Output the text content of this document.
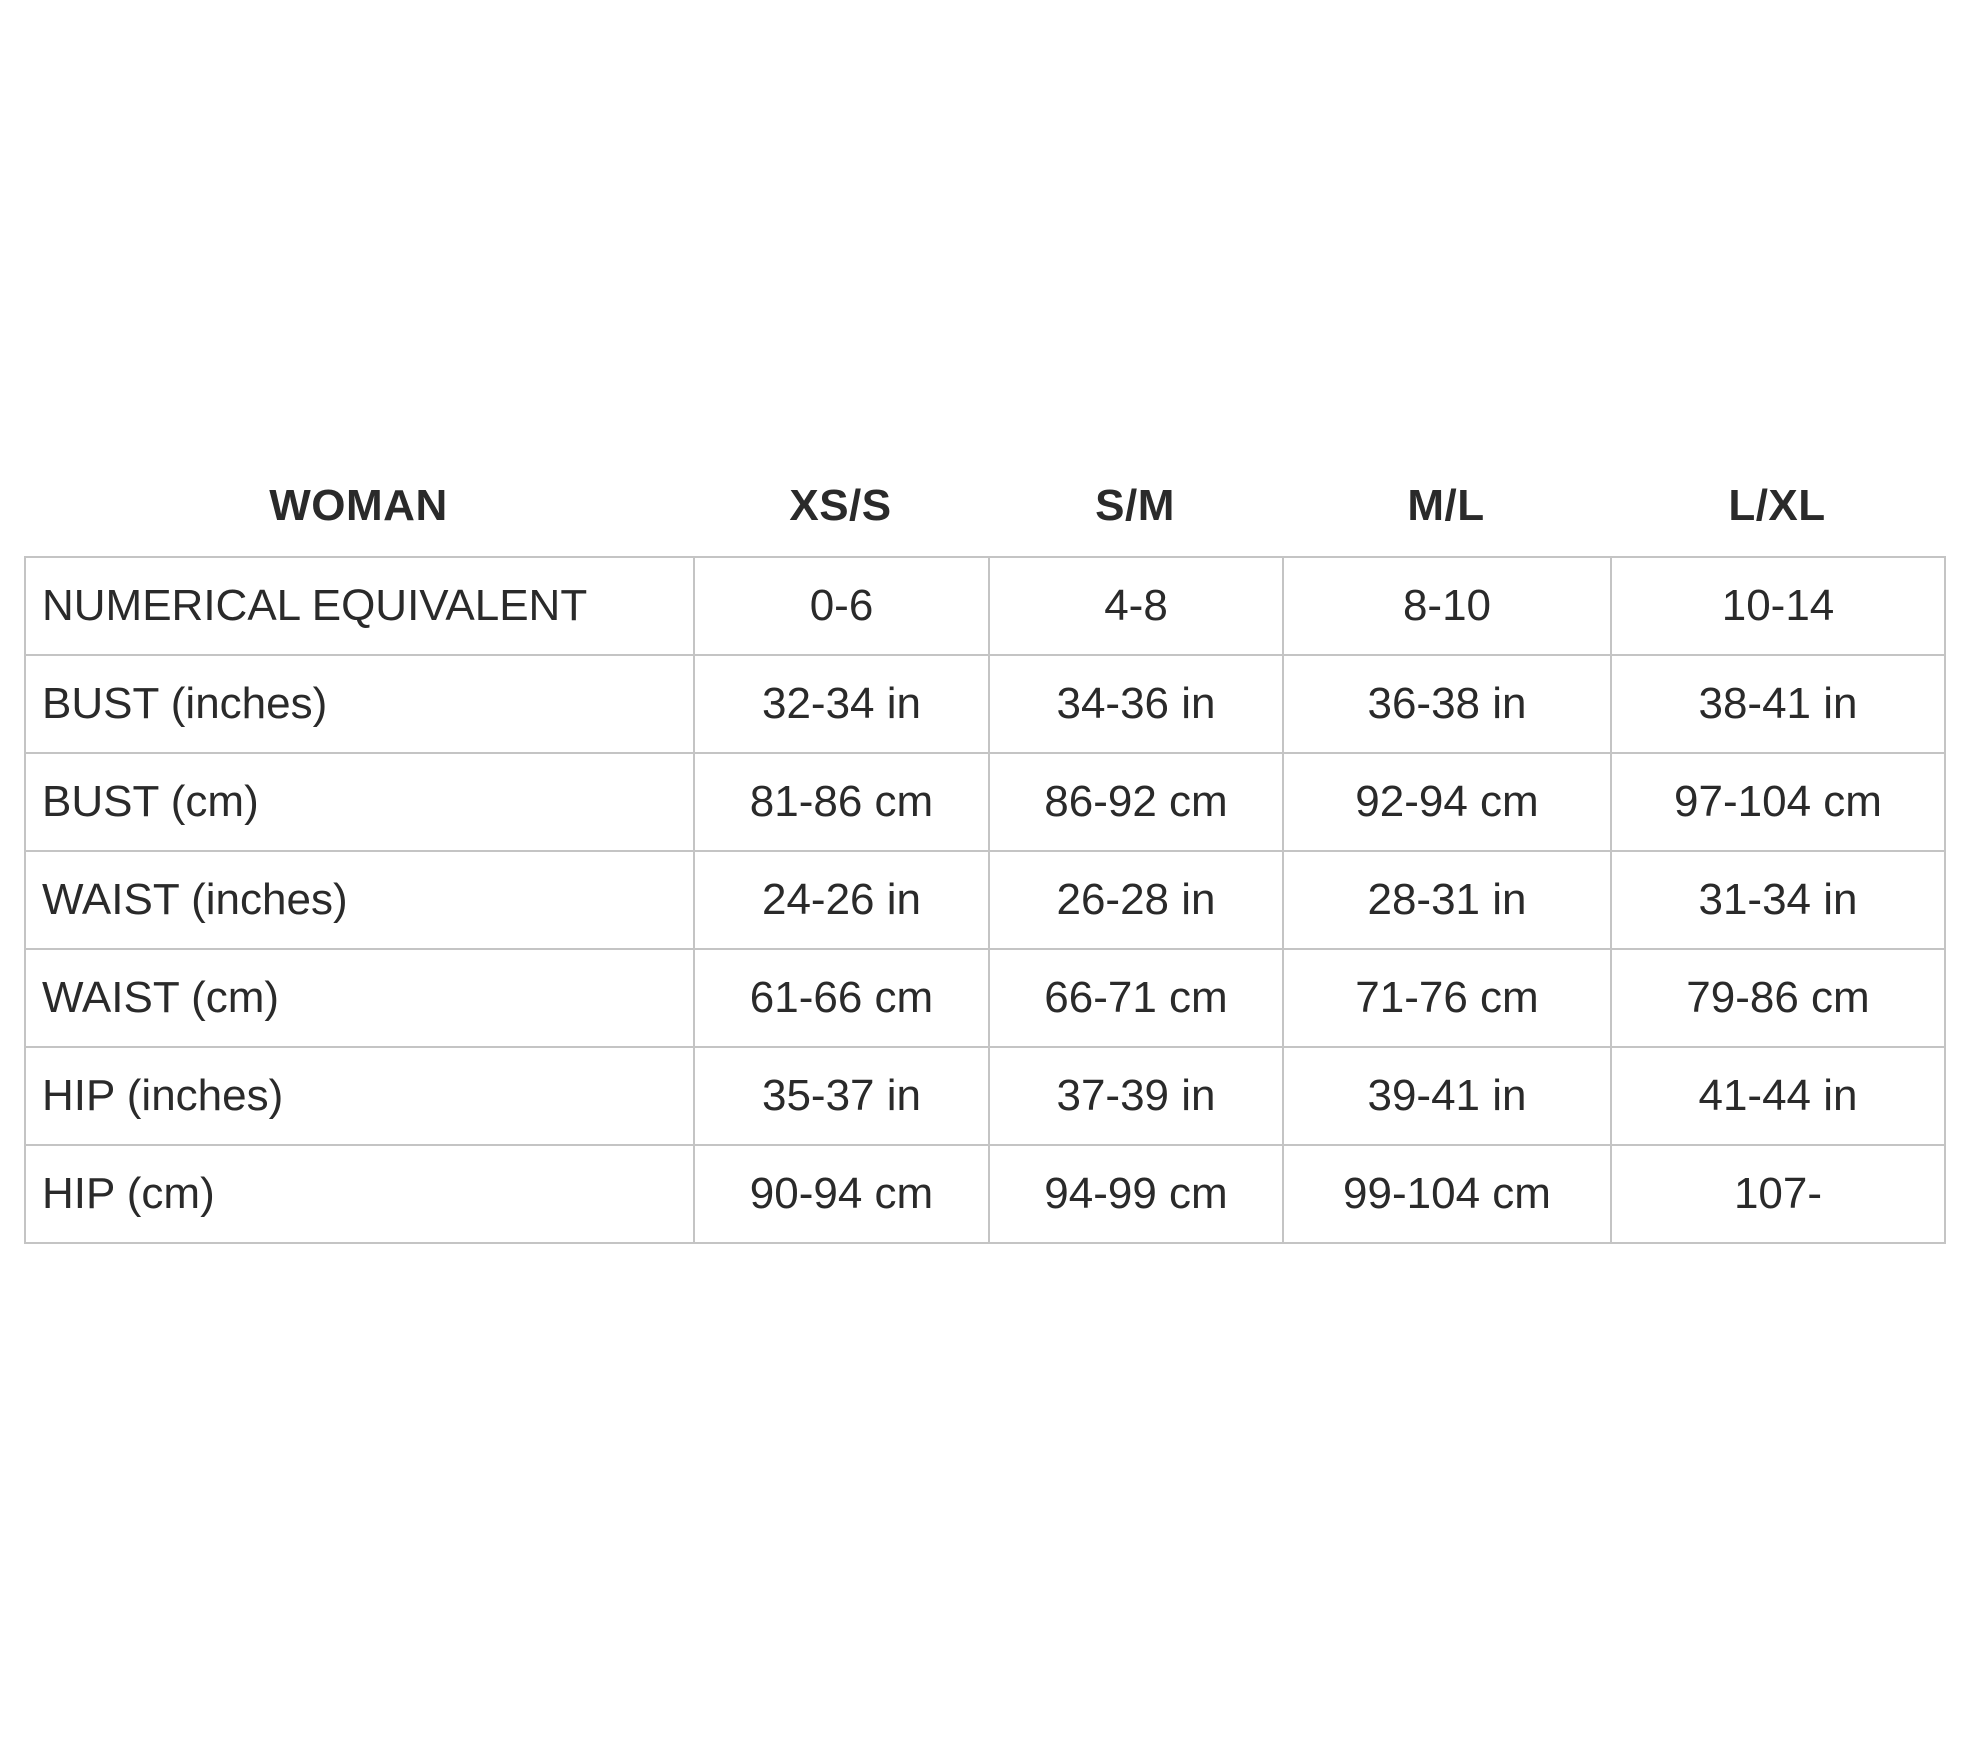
WOMAN	XS/S	S/M	M/L	L/XL
NUMERICAL EQUIVALENT	0-6	4-8	8-10	10-14
BUST (inches)	32-34 in	34-36 in	36-38 in	38-41 in
BUST (cm)	81-86 cm	86-92 cm	92-94 cm	97-104 cm
WAIST (inches)	24-26 in	26-28 in	28-31 in	31-34 in
WAIST (cm)	61-66 cm	66-71 cm	71-76 cm	79-86 cm
HIP (inches)	35-37 in	37-39 in	39-41 in	41-44 in
HIP (cm)	90-94 cm	94-99 cm	99-104 cm	107-
